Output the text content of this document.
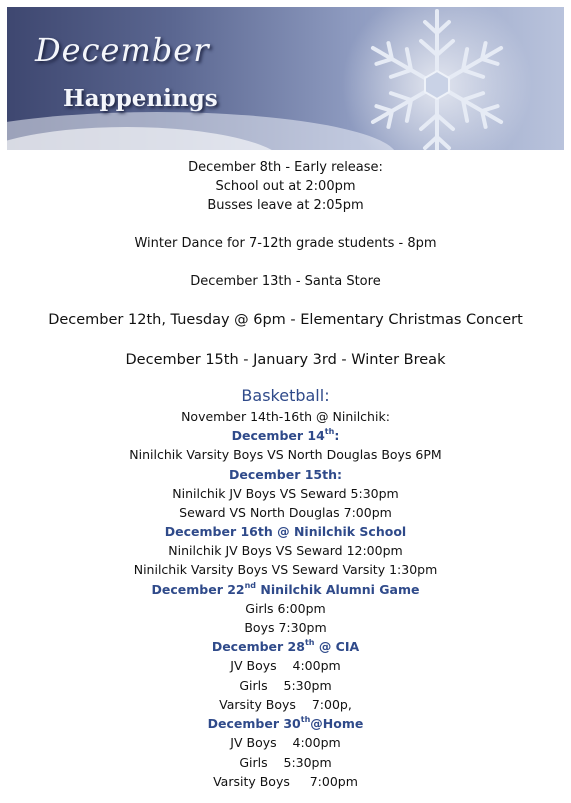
December
Happenings
December 8th - Early release:
School out at 2:00pm
Busses leave at 2:05pm
Winter Dance for 7-12th grade students - 8pm
December 13th - Santa Store
December 12th, Tuesday @ 6pm - Elementary Christmas Concert
December 15th - January 3rd - Winter Break
Basketball:
November 14th-16th @ Ninilchik:
December 14th:
Ninilchik Varsity Boys VS North Douglas Boys 6PM
December 15th:
Ninilchik JV Boys VS Seward 5:30pm
Seward VS North Douglas 7:00pm
December 16th @ Ninilchik School
Ninilchik JV Boys VS Seward 12:00pm
Ninilchik Varsity Boys VS Seward Varsity 1:30pm
December 22nd Ninilchik Alumni Game
Girls 6:00pm
Boys 7:30pm
December 28th @ CIA
JV Boys    4:00pm
Girls    5:30pm
Varsity Boys    7:00p,
December 30th@Home
JV Boys    4:00pm
Girls    5:30pm
Varsity Boys     7:00pm
